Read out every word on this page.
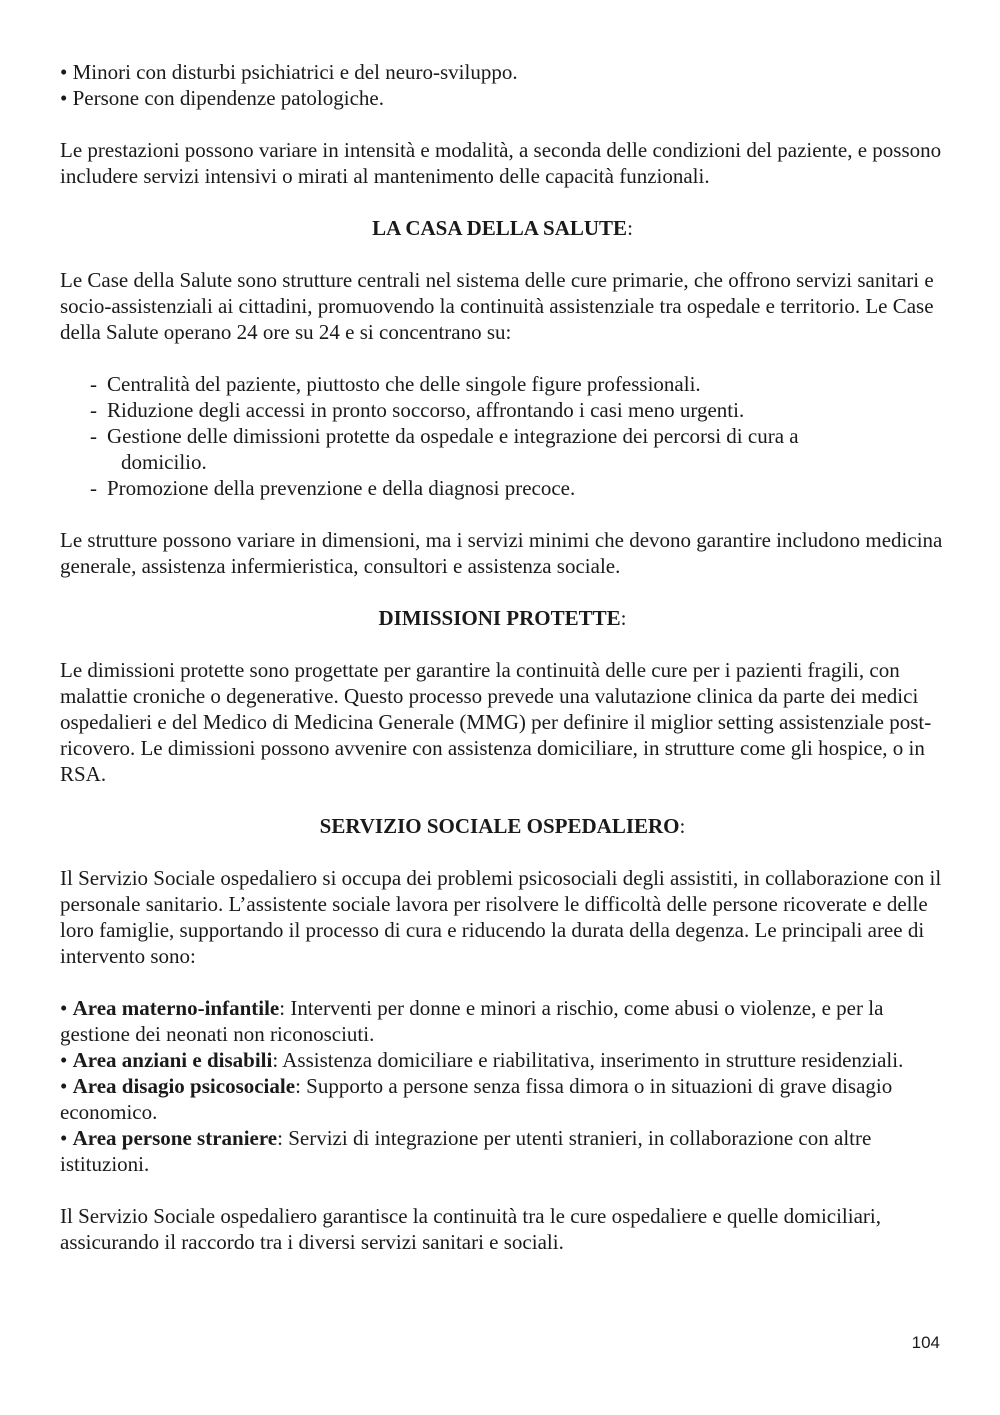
• Minori con disturbi psichiatrici e del neuro-sviluppo.

• Persone con dipendenze patologiche.

Le prestazioni possono variare in intensità e modalità, a seconda delle condizioni del paziente, e possono includere servizi intensivi o mirati al mantenimento delle capacità funzionali.

LA CASA DELLA SALUTE:

Le Case della Salute sono strutture centrali nel sistema delle cure primarie, che offrono servizi sanitari e socio-assistenziali ai cittadini, promuovendo la continuità assistenziale tra ospedale e territorio. Le Case della Salute operano 24 ore su 24 e si concentrano su:

- Centralità del paziente, piuttosto che delle singole figure professionali.
- Riduzione degli accessi in pronto soccorso, affrontando i casi meno urgenti.
- Gestione delle dimissioni protette da ospedale e integrazione dei percorsi di cura a
domicilio.
- Promozione della prevenzione e della diagnosi precoce.

Le strutture possono variare in dimensioni, ma i servizi minimi che devono garantire includono medicina generale, assistenza infermieristica, consultori e assistenza sociale.

DIMISSIONI PROTETTE:

Le dimissioni protette sono progettate per garantire la continuità delle cure per i pazienti fragili, con malattie croniche o degenerative. Questo processo prevede una valutazione clinica da parte dei medici ospedalieri e del Medico di Medicina Generale (MMG) per definire il miglior setting assistenziale post-ricovero. Le dimissioni possono avvenire con assistenza domiciliare, in strutture come gli hospice, o in RSA.

SERVIZIO SOCIALE OSPEDALIERO:

Il Servizio Sociale ospedaliero si occupa dei problemi psicosociali degli assistiti, in collaborazione con il personale sanitario. L’assistente sociale lavora per risolvere le difficoltà delle persone ricoverate e delle loro famiglie, supportando il processo di cura e riducendo la durata della degenza. Le principali aree di intervento sono:

• Area materno-infantile: Interventi per donne e minori a rischio, come abusi o violenze, e per la gestione dei neonati non riconosciuti.

• Area anziani e disabili: Assistenza domiciliare e riabilitativa, inserimento in strutture residenziali.

• Area disagio psicosociale: Supporto a persone senza fissa dimora o in situazioni di grave disagio economico.

• Area persone straniere: Servizi di integrazione per utenti stranieri, in collaborazione con altre istituzioni.

Il Servizio Sociale ospedaliero garantisce la continuità tra le cure ospedaliere e quelle domiciliari, assicurando il raccordo tra i diversi servizi sanitari e sociali.

104
